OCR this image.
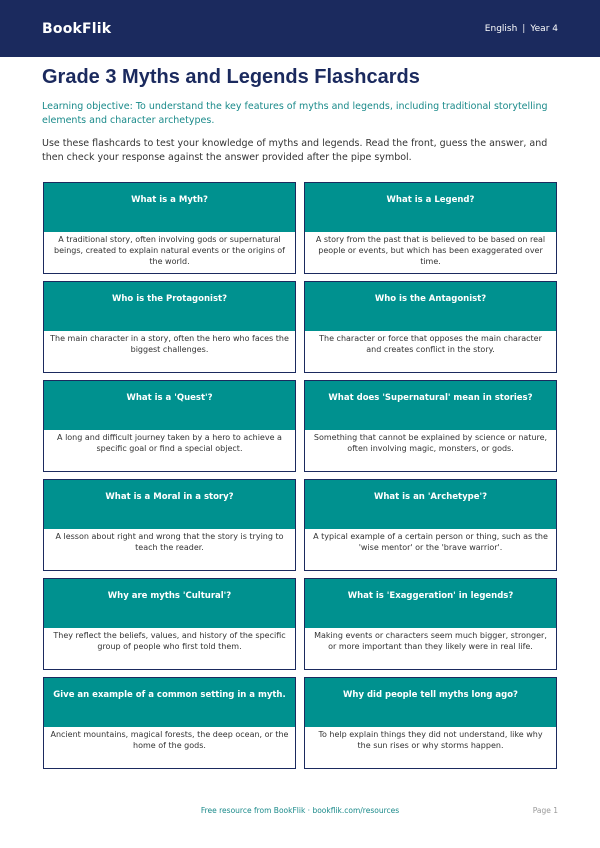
BookFlik	English | Year 4
Grade 3 Myths and Legends Flashcards

Learning objective: To understand the key features of myths and legends, including traditional storytelling elements and character archetypes.

Use these flashcards to test your knowledge of myths and legends. Read the front, guess the answer, and then check your response against the answer provided after the pipe symbol.

What is a Myth?
A traditional story, often involving gods or supernatural beings, created to explain natural events or the origins of the world.
What is a Legend?
A story from the past that is believed to be based on real people or events, but which has been exaggerated over time.
Who is the Protagonist?
The main character in a story, often the hero who faces the biggest challenges.
Who is the Antagonist?
The character or force that opposes the main character and creates conflict in the story.
What is a 'Quest'?
A long and difficult journey taken by a hero to achieve a specific goal or find a special object.
What does 'Supernatural' mean in stories?
Something that cannot be explained by science or nature, often involving magic, monsters, or gods.
What is a Moral in a story?
A lesson about right and wrong that the story is trying to teach the reader.
What is an 'Archetype'?
A typical example of a certain person or thing, such as the 'wise mentor' or the 'brave warrior'.
Why are myths 'Cultural'?
They reflect the beliefs, values, and history of the specific group of people who first told them.
What is 'Exaggeration' in legends?
Making events or characters seem much bigger, stronger, or more important than they likely were in real life.
Give an example of a common setting in a myth.
Ancient mountains, magical forests, the deep ocean, or the home of the gods.
Why did people tell myths long ago?
To help explain things they did not understand, like why the sun rises or why storms happen.
Free resource from BookFlik · bookflik.com/resources	Page 1
